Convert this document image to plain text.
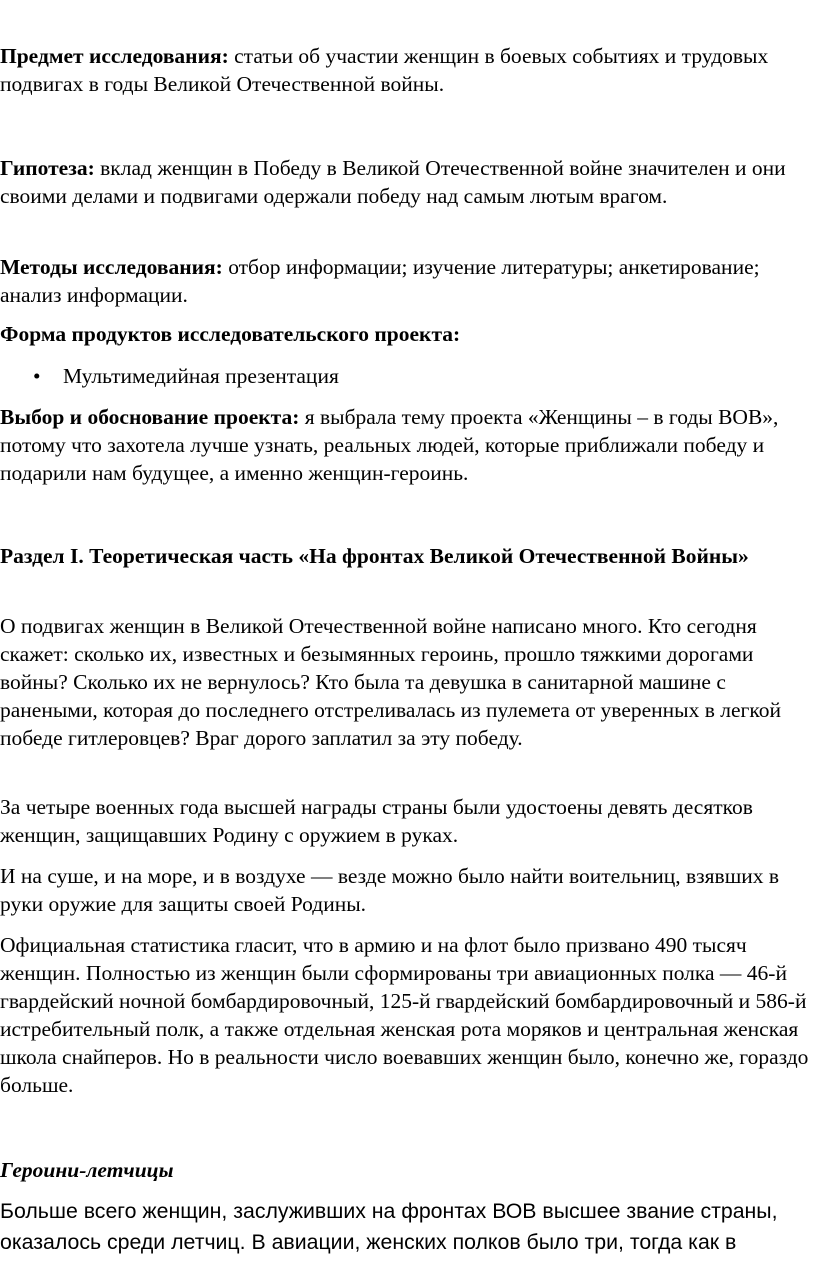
Предмет исследования: статьи об участии женщин в боевых событиях и трудовых подвигах в годы Великой Отечественной войны.

Гипотеза: вклад женщин в Победу в Великой Отечественной войне значителен и они своими делами и подвигами одержали победу над самым лютым врагом.

Методы исследования: отбор информации; изучение литературы; анкетирование; анализ информации.

Форма продуктов исследовательского проекта:

• Мультимедийная презентация

Выбор и обоснование проекта: я выбрала тему проекта «Женщины – в годы ВОВ», потому что захотела лучше узнать, реальных людей, которые приближали победу и подарили нам будущее, а именно женщин-героинь.

Раздел I. Теоретическая часть «На фронтах Великой Отечественной Войны»

О подвигах женщин в Великой Отечественной войне написано много. Кто сегодня скажет: сколько их, известных и безымянных героинь, прошло тяжкими дорогами войны? Сколько их не вернулось? Кто была та девушка в санитарной машине с ранеными, которая до последнего отстреливалась из пулемета от уверенных в легкой победе гитлеровцев? Враг дорого заплатил за эту победу.

За четыре военных года высшей награды страны были удостоены девять десятков женщин, защищавших Родину с оружием в руках.

И на суше, и на море, и в воздухе — везде можно было найти воительниц, взявших в руки оружие для защиты своей Родины.

Официальная статистика гласит, что в армию и на флот было призвано 490 тысяч женщин. Полностью из женщин были сформированы три авиационных полка — 46-й гвардейский ночной бомбардировочный, 125-й гвардейский бомбардировочный и 586-й истребительный полк, а также отдельная женская рота моряков и центральная женская школа снайперов. Но в реальности число воевавших женщин было, конечно же, гораздо больше.

Героини-летчицы

Больше всего женщин, заслуживших на фронтах ВОВ высшее звание страны, оказалось среди летчиц. В авиации, женских полков было три, тогда как в
